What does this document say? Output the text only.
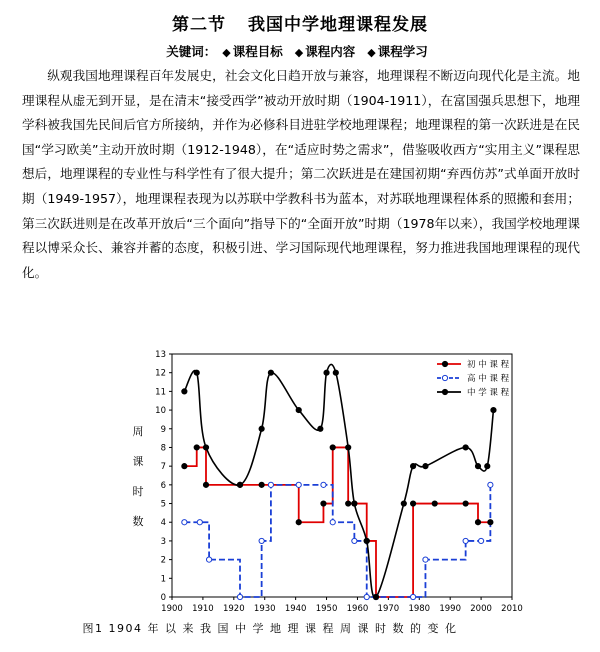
第二节 我国中学地理课程发展
关键词： ◆ 课程目标 ◆ 课程内容 ◆ 课程学习

纵观我国地理课程百年发展史，社会文化日趋开放与兼容，地理课程不断迈向现代化是主流。地理课程从虚无到开显，是在清末“接受西学”被动开放时期（1904-1911），在富国强兵思想下，地理学科被我国先民间后官方所接纳，并作为必修科目进驻学校地理课程；地理课程的第一次跃进是在民国“学习欧美”主动开放时期（1912-1948），在“适应时势之需求”，借鉴吸收西方“实用主义”课程思想后，地理课程的专业性与科学性有了很大提升；第二次跃进是在建国初期“弃西仿苏”式单面开放时期（1949-1957），地理课程表现为以苏联中学教科书为蓝本，对苏联地理课程体系的照搬和套用；第三次跃进则是在改革开放后“三个面向”指导下的“全面开放”时期（1978年以来），我国学校地理课程以博采众长、兼容并蓄的态度，积极引进、学习国际现代地理课程，努力推进我国地理课程的现代化。

1900 1910 1920 1930 1940 1950 1960 1970 1980 1990 2000 2010
0
1
2
3
4
5
6
7
8
9
10
11
12
13
初 中 课 程
高 中 课 程
中 学 课 程
周课时数
图1 1904 年 以 来 我 国 中 学 地 理 课 程 周 课 时 数 的 变 化
